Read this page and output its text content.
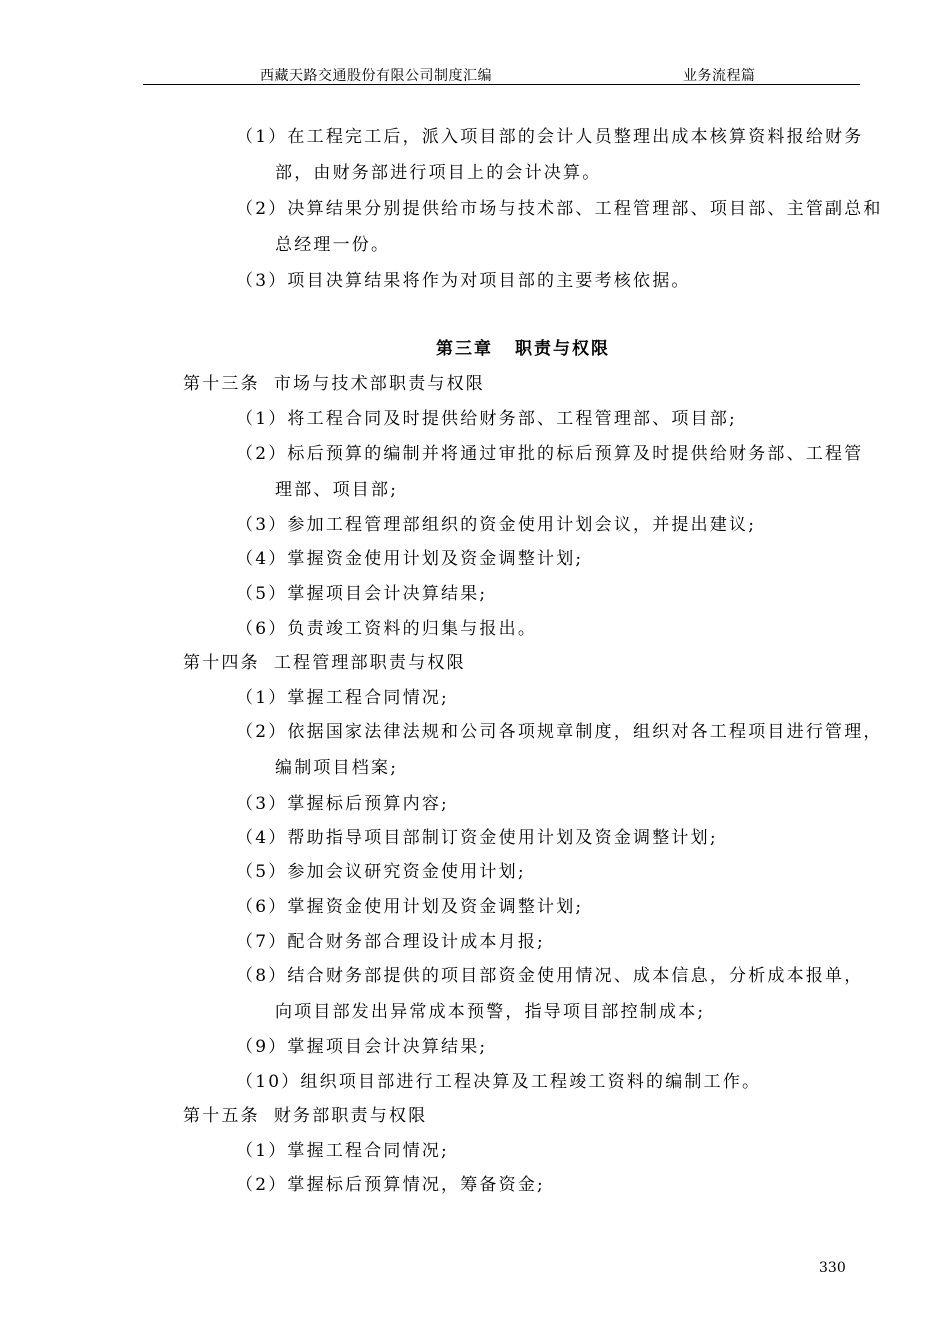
西藏天路交通股份有限公司制度汇编	业务流程篇
（1）在工程完工后，派入项目部的会计人员整理出成本核算资料报给财务
部，由财务部进行项目上的会计决算。
（2）决算结果分别提供给市场与技术部、工程管理部、项目部、主管副总和
总经理一份。
（3）项目决算结果将作为对项目部的主要考核依据。
第三章 职责与权限
第十三条 市场与技术部职责与权限
（1）将工程合同及时提供给财务部、工程管理部、项目部;
（2）标后预算的编制并将通过审批的标后预算及时提供给财务部、工程管
理部、项目部;
（3）参加工程管理部组织的资金使用计划会议，并提出建议;
（4）掌握资金使用计划及资金调整计划;
（5）掌握项目会计决算结果;
（6）负责竣工资料的归集与报出。
第十四条 工程管理部职责与权限
（1）掌握工程合同情况;
（2）依据国家法律法规和公司各项规章制度，组织对各工程项目进行管理，
编制项目档案;
（3）掌握标后预算内容;
（4）帮助指导项目部制订资金使用计划及资金调整计划;
（5）参加会议研究资金使用计划;
（6）掌握资金使用计划及资金调整计划;
（7）配合财务部合理设计成本月报;
（8）结合财务部提供的项目部资金使用情况、成本信息，分析成本报单，
向项目部发出异常成本预警，指导项目部控制成本;
（9）掌握项目会计决算结果;
（10）组织项目部进行工程决算及工程竣工资料的编制工作。
第十五条 财务部职责与权限
（1）掌握工程合同情况;
（2）掌握标后预算情况，筹备资金;
330
